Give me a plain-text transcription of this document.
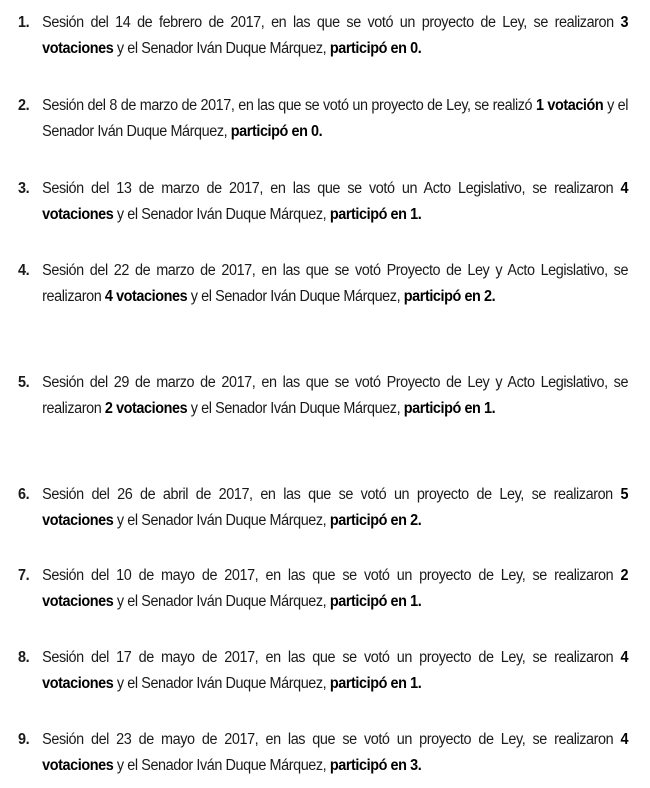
1. Sesión del 14 de febrero de 2017, en las que se votó un proyecto de Ley, se realizaron 3 votaciones y el Senador Iván Duque Márquez, participó en 0.
2. Sesión del 8 de marzo de 2017, en las que se votó un proyecto de Ley, se realizó 1 votación y el Senador Iván Duque Márquez, participó en 0.
3. Sesión del 13 de marzo de 2017, en las que se votó un Acto Legislativo, se realizaron 4 votaciones y el Senador Iván Duque Márquez, participó en 1.
4. Sesión del 22 de marzo de 2017, en las que se votó Proyecto de Ley y Acto Legislativo, se realizaron 4 votaciones y el Senador Iván Duque Márquez, participó en 2.
5. Sesión del 29 de marzo de 2017, en las que se votó Proyecto de Ley y Acto Legislativo, se realizaron 2 votaciones y el Senador Iván Duque Márquez, participó en 1.
6. Sesión del 26 de abril de 2017, en las que se votó un proyecto de Ley, se realizaron 5 votaciones y el Senador Iván Duque Márquez, participó en 2.
7. Sesión del 10 de mayo de 2017, en las que se votó un proyecto de Ley, se realizaron 2 votaciones y el Senador Iván Duque Márquez, participó en 1.
8. Sesión del 17 de mayo de 2017, en las que se votó un proyecto de Ley, se realizaron 4 votaciones y el Senador Iván Duque Márquez, participó en 1.
9. Sesión del 23 de mayo de 2017, en las que se votó un proyecto de Ley, se realizaron 4 votaciones y el Senador Iván Duque Márquez, participó en 3.
